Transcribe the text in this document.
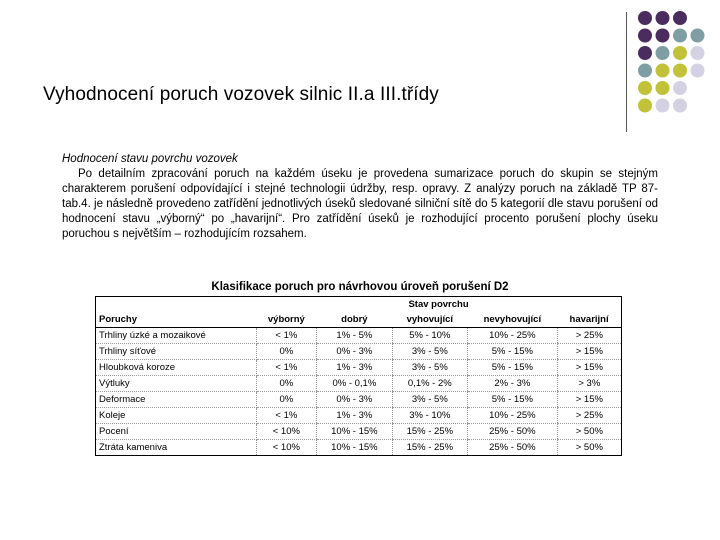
Vyhodnocení poruch vozovek silnic II.a III.třídy
Hodnocení stavu povrchu vozovek
Po detailním zpracování poruch na každém úseku je provedena sumarizace poruch do skupin se stejným charakterem porušení odpovídající i stejné technologii údržby, resp. opravy. Z analýzy poruch na základě TP 87- tab.4. je následně provedeno zatřídění jednotlivých úseků sledované silniční sítě do 5 kategorií dle stavu porušení od hodnocení stavu „výborný“ po „havarijní“. Pro zatřídění úseků je rozhodující procento porušení plochy úseku poruchou s největším – rozhodujícím rozsahem.
Klasifikace poruch pro návrhovou úroveň porušení D2
	Stav povrchu				
Poruchy	výborný	dobrý	vyhovující	nevyhovující	havarijní
Trhliny úzké a mozaikové	< 1%	1% - 5%	5% - 10%	10% - 25%	> 25%
Trhliny síťové	0%	0% - 3%	3% - 5%	5% - 15%	> 15%
Hloubková koroze	< 1%	1% - 3%	3% - 5%	5% - 15%	> 15%
Výtluky	0%	0% - 0,1%	0,1% - 2%	2% - 3%	> 3%
Deformace	0%	0% - 3%	3% - 5%	5% - 15%	> 15%
Koleje	< 1%	1% - 3%	3% - 10%	10% - 25%	> 25%
Pocení	< 10%	10% - 15%	15% - 25%	25% - 50%	> 50%
Ztráta kameniva	< 10%	10% - 15%	15% - 25%	25% - 50%	> 50%
